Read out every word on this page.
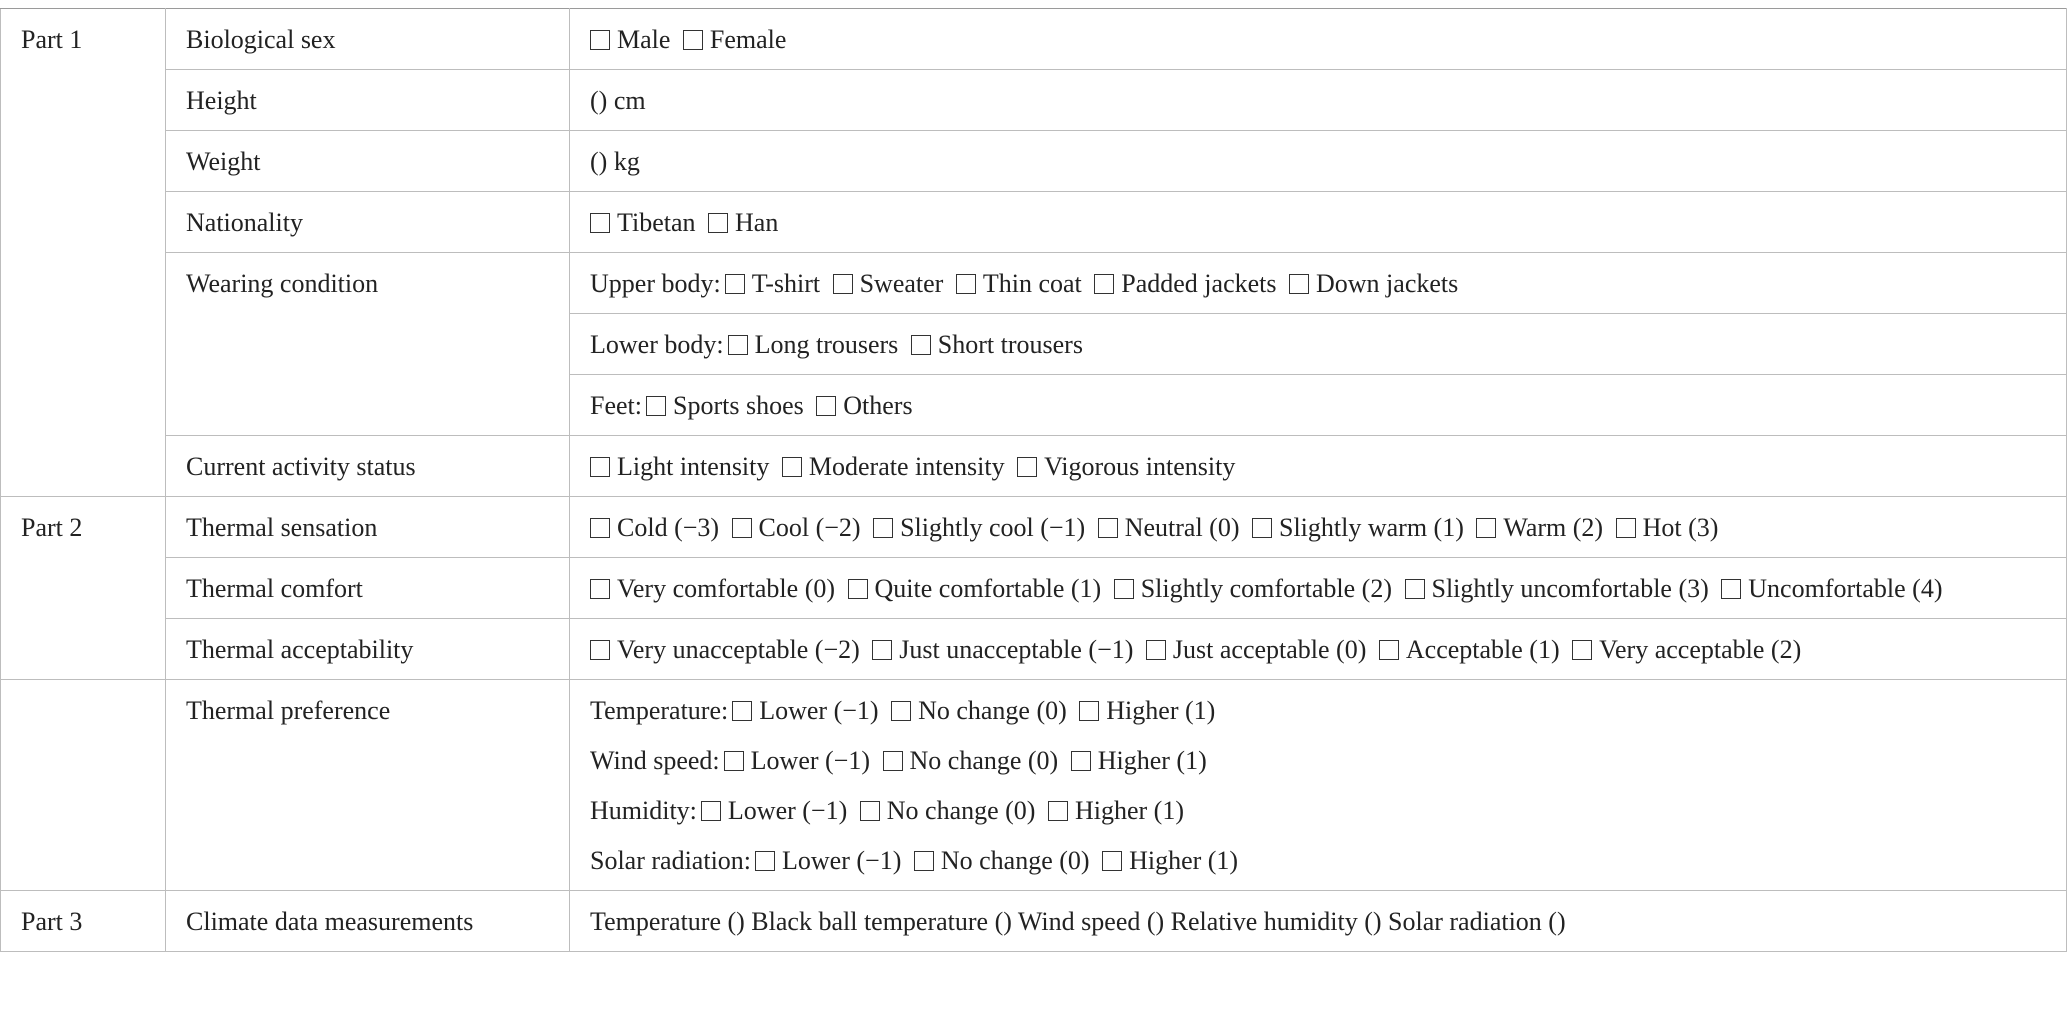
Part 1	Biological sex	Male Female
	Height	() cm
	Weight	() kg
	Nationality	Tibetan Han
	Wearing condition	Upper body: T-shirt Sweater Thin coat Padded jackets Down jackets
		Lower body: Long trousers Short trousers
		Feet: Sports shoes Others
	Current activity status	Light intensity Moderate intensity Vigorous intensity
Part 2	Thermal sensation	Cold (−3) Cool (−2) Slightly cool (−1) Neutral (0) Slightly warm (1) Warm (2) Hot (3)
	Thermal comfort	Very comfortable (0) Quite comfortable (1) Slightly comfortable (2) Slightly uncomfortable (3) Uncomfortable (4)
	Thermal acceptability	Very unacceptable (−2) Just unacceptable (−1) Just acceptable (0) Acceptable (1) Very acceptable (2)
	Thermal preference	Temperature: Lower (−1) No change (0) Higher (1)
Wind speed: Lower (−1) No change (0) Higher (1)
Humidity: Lower (−1) No change (0) Higher (1)
Solar radiation: Lower (−1) No change (0) Higher (1)

Part 3	Climate data measurements	Temperature () Black ball temperature () Wind speed () Relative humidity () Solar radiation ()
